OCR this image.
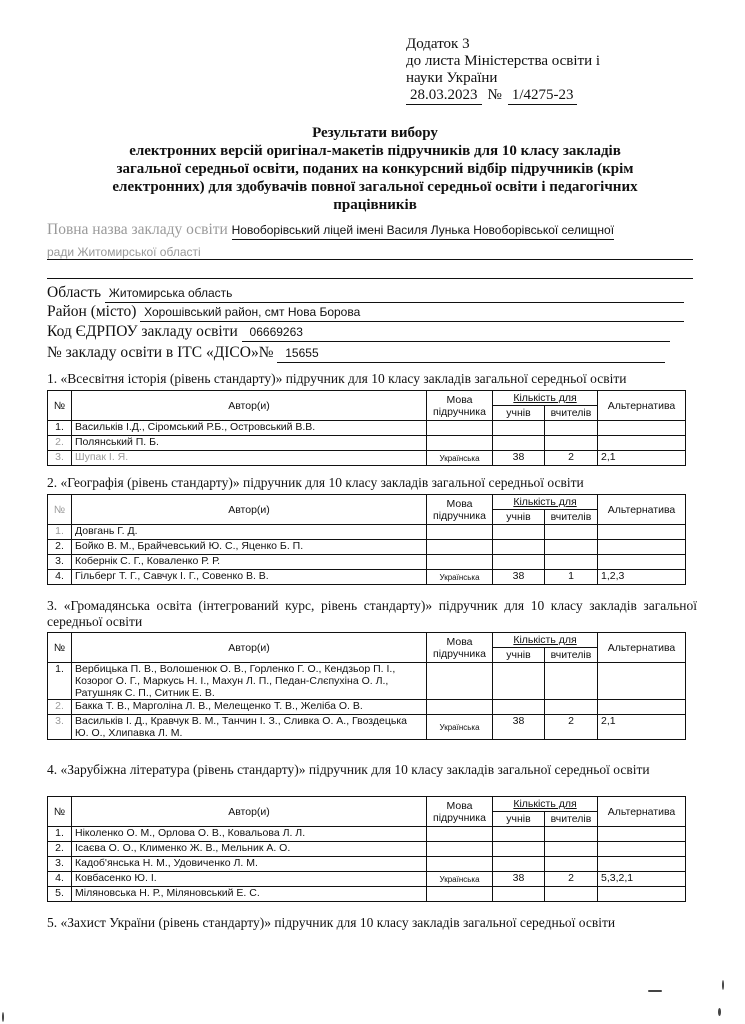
Додаток 3
до листа Міністерства освіти і
науки України
28.03.2023 № 1/4275-23
Результати вибору
електронних версій оригінал-макетів підручників для 10 класу закладів
загальної середньої освіти, поданих на конкурсний відбір підручників (крім
електронних) для здобувачів повної загальної середньої освіти і педагогічних
працівників
Повна назва закладу освіти Новоборівський ліцей імені Василя Лунька Новоборівської селищної
ради Житомирської області
Область Житомирська область
Район (місто) Хорошівський район, смт Нова Борова
Код ЄДРПОУ закладу освіти 06669263
№ закладу освіти в ІТС «ДІСО»№ 15655
1. «Всесвітня історія (рівень стандарту)» підручник для 10 класу закладів загальної середньої освіти
№	Автор(и)	Мова підручника	Кількість для		Альтернатива
			учнів	вчителів	
1.	Васильків І.Д., Сіромський Р.Б., Островський В.В.				
2.	Полянський П. Б.				
3.	Шупак І. Я.	Українська	38	2	2,1
2. «Географія (рівень стандарту)» підручник для 10 класу закладів загальної середньої освіти
№	Автор(и)	Мова підручника	Кількість для		Альтернатива
			учнів	вчителів	
1.	Довгань Г. Д.				
2.	Бойко В. М., Брайчевський Ю. С., Яценко Б. П.				
3.	Кобернік С. Г., Коваленко Р. Р.				
4.	Гільберг Т. Г., Савчук І. Г., Совенко В. В.	Українська	38	1	1,2,3
3. «Громадянська освіта (інтегрований курс, рівень стандарту)» підручник для 10 класу закладів загальної середньої освіти
№	Автор(и)	Мова підручника	Кількість для		Альтернатива
			учнів	вчителів	
1.	Вербицька П. В., Волошенюк О. В., Горленко Г. О., Кендзьор П. І., Козорог О. Г., Маркусь Н. І., Махун Л. П., Педан-Слєпухіна О. Л., Ратушняк С. П., Ситник Е. В.				
2.	Бакка Т. В., Марголіна Л. В., Мелещенко Т. В., Желіба О. В.				
3.	Васильків І. Д., Кравчук В. М., Танчин І. З., Сливка О. А., Гвоздецька Ю. О., Хлипавка Л. М.	Українська	38	2	2,1
4. «Зарубіжна література (рівень стандарту)» підручник для 10 класу закладів загальної середньої освіти
№	Автор(и)	Мова підручника	Кількість для		Альтернатива
			учнів	вчителів	
1.	Ніколенко О. М., Орлова О. В., Ковальова Л. Л.				
2.	Ісаєва О. О., Клименко Ж. В., Мельник А. О.				
3.	Кадоб'янська Н. М., Удовиченко Л. М.				
4.	Ковбасенко Ю. І.	Українська	38	2	5,3,2,1
5.	Міляновська Н. Р., Міляновський Е. С.				
5. «Захист України (рівень стандарту)» підручник для 10 класу закладів загальної середньої освіти
